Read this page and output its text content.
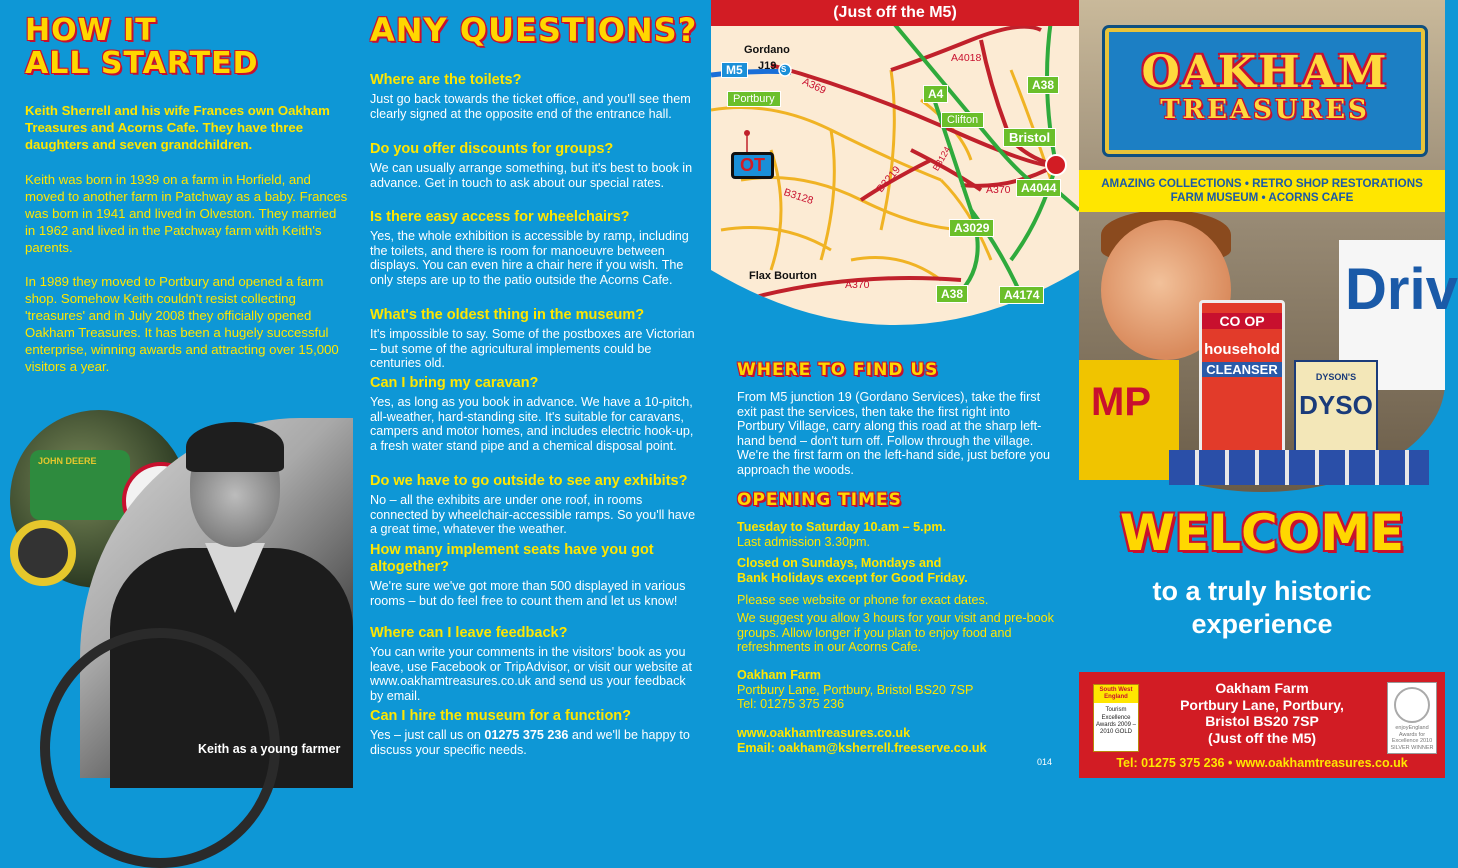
HOW IT
ALL STARTED
Keith Sherrell and his wife Frances own Oakham Treasures and Acorns Cafe. They have three daughters and seven grandchildren.
Keith was born in 1939 on a farm in Horfield, and moved to another farm in Patchway as a baby. Frances was born in 1941 and lived in Olveston. They married in 1962 and lived in the Patchway farm with Keith's parents.
In 1989 they moved to Portbury and opened a farm shop. Somehow Keith couldn't resist collecting 'treasures' and in July 2008 they officially opened Oakham Treasures. It has been a hugely successful enterprise, winning awards and attracting over 15,000 visitors a year.
JOHN DEERE
Keith as a young farmer
ANY QUESTIONS?
Where are the toilets?

Just go back towards the ticket office, and you'll see them clearly signed at the opposite end of the entrance hall.

Do you offer discounts for groups?

We can usually arrange something, but it's best to book in advance. Get in touch to ask about our special rates.

Is there easy access for wheelchairs?

Yes, the whole exhibition is accessible by ramp, including the toilets, and there is room for manoeuvre between displays. You can even hire a chair here if you wish. The only steps are up to the patio outside the Acorns Cafe.

What's the oldest thing in the museum?

It's impossible to say. Some of the postboxes are Victorian – but some of the agricultural implements could be centuries old.

Can I bring my caravan?

Yes, as long as you book in advance. We have a 10-pitch, all-weather, hard-standing site. It's suitable for caravans, campers and motor homes, and includes electric hook-up, a fresh water stand pipe and a chemical disposal point.

Do we have to go outside to see any exhibits?

No – all the exhibits are under one roof, in rooms connected by wheelchair-accessible ramps. So you'll have a great time, whatever the weather.

How many implement seats have you got altogether?

We're sure we've got more than 500 displayed in various rooms – but do feel free to count them and let us know!

Where can I leave feedback?

You can write your comments in the visitors' book as you leave, use Facebook or TripAdvisor, or visit our website at www.oakhamtreasures.co.uk and send us your feedback by email.

Can I hire the museum for a function?

Yes – just call us on 01275 375 236 and we'll be happy to discuss your specific needs.

(Just off the M5)
Gordano
J19
M5	S
Portbury
A4018
A369	A4
A38
Clifton
Bristol
OT	B3219
B3124
A370 A4044
B3128
A3029
Flax Bourton
A370
A38	A4174
WHERE TO FIND US
From M5 junction 19 (Gordano Services), take the first exit past the services, then take the first right into Portbury Village, carry along this road at the sharp left-hand bend – don't turn off. Follow through the village. We're the first farm on the left-hand side, just before you approach the woods.
OPENING TIMES
Tuesday to Saturday 10.am – 5.pm.
Last admission 3.30pm.
Closed on Sundays, Mondays and
Bank Holidays except for Good Friday.
Please see website or phone for exact dates.
We suggest you allow 3 hours for your visit and pre-book groups. Allow longer if you plan to enjoy food and refreshments in our Acorns Cafe.
Oakham Farm
Portbury Lane, Portbury, Bristol BS20 7SP
Tel: 01275 375 236
www.oakhamtreasures.co.uk
Email: oakham@ksherrell.freeserve.co.uk
014
Driv
MP
CO OP
household
CLEANSER	DYSON'S
DYSO
AMAZING COLLECTIONS • RETRO SHOP RESTORATIONS
FARM MUSEUM • ACORNS CAFE
OAKHAM
TREASURES
WELCOME
to a truly historic
experience
South West England
Tourism Excellence Awards 2009 – 2010 GOLD
Oakham Farm
Portbury Lane, Portbury,
Bristol BS20 7SP
(Just off the M5)
enjoyEngland
Awards for Excellence 2010 SILVER WINNER
Tel: 01275 375 236 • www.oakhamtreasures.co.uk
